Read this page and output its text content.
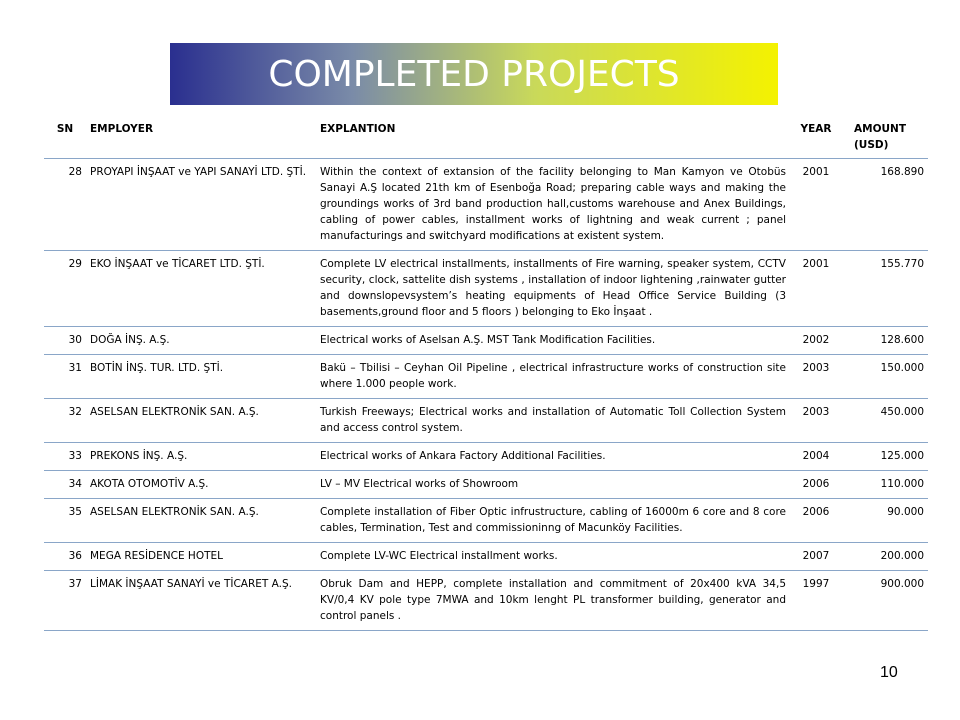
COMPLETED PROJECTS
SN	EMPLOYER	EXPLANTION	YEAR	AMOUNT (USD)
28	PROYAPI İNŞAAT ve YAPI SANAYİ LTD. ŞTİ.	Within the context of extansion of the facility belonging to Man Kamyon ve Otobüs Sanayi A.Ş located 21th km of Esenboğa Road; preparing cable ways and making the groundings works of 3rd band production hall,customs warehouse and Anex Buildings, cabling of power cables, installment works of lightning and weak current ; panel manufacturings and switchyard modifications at existent system.	2001	168.890
29	EKO İNŞAAT ve TİCARET LTD. ŞTİ.	Complete LV electrical installments, installments of Fire warning, speaker system, CCTV security, clock, sattelite dish systems , installation of indoor lightening ,rainwater gutter and downslopevsystem’s heating equipments of Head Office Service Building (3 basements,ground floor and 5 floors ) belonging to Eko İnşaat .	2001	155.770
30	DOĞA İNŞ. A.Ş.	Electrical works of Aselsan A.Ş. MST Tank Modification Facilities.	2002	128.600
31	BOTİN İNŞ. TUR. LTD. ŞTİ.	Bakü – Tbilisi – Ceyhan Oil Pipeline , electrical infrastructure works of construction site where 1.000 people work.	2003	150.000
32	ASELSAN ELEKTRONİK SAN. A.Ş.	Turkish Freeways; Electrical works and installation of Automatic Toll Collection System and access control system.	2003	450.000
33	PREKONS İNŞ. A.Ş.	Electrical works of Ankara Factory Additional Facilities.	2004	125.000
34	AKOTA OTOMOTİV A.Ş.	LV – MV Electrical works of Showroom	2006	110.000
35	ASELSAN ELEKTRONİK SAN. A.Ş.	Complete installation of Fiber Optic infrustructure, cabling of 16000m 6 core and 8 core cables, Termination, Test and commissioninng of Macunköy Facilities.	2006	90.000
36	MEGA RESİDENCE HOTEL	Complete LV-WC Electrical installment works.	2007	200.000
37	LİMAK İNŞAAT SANAYİ ve TİCARET A.Ş.	Obruk Dam and HEPP, complete installation and commitment of 20x400 kVA 34,5 KV/0,4 KV pole type 7MWA and 10km lenght PL transformer building, generator and control panels .	1997	900.000
10
